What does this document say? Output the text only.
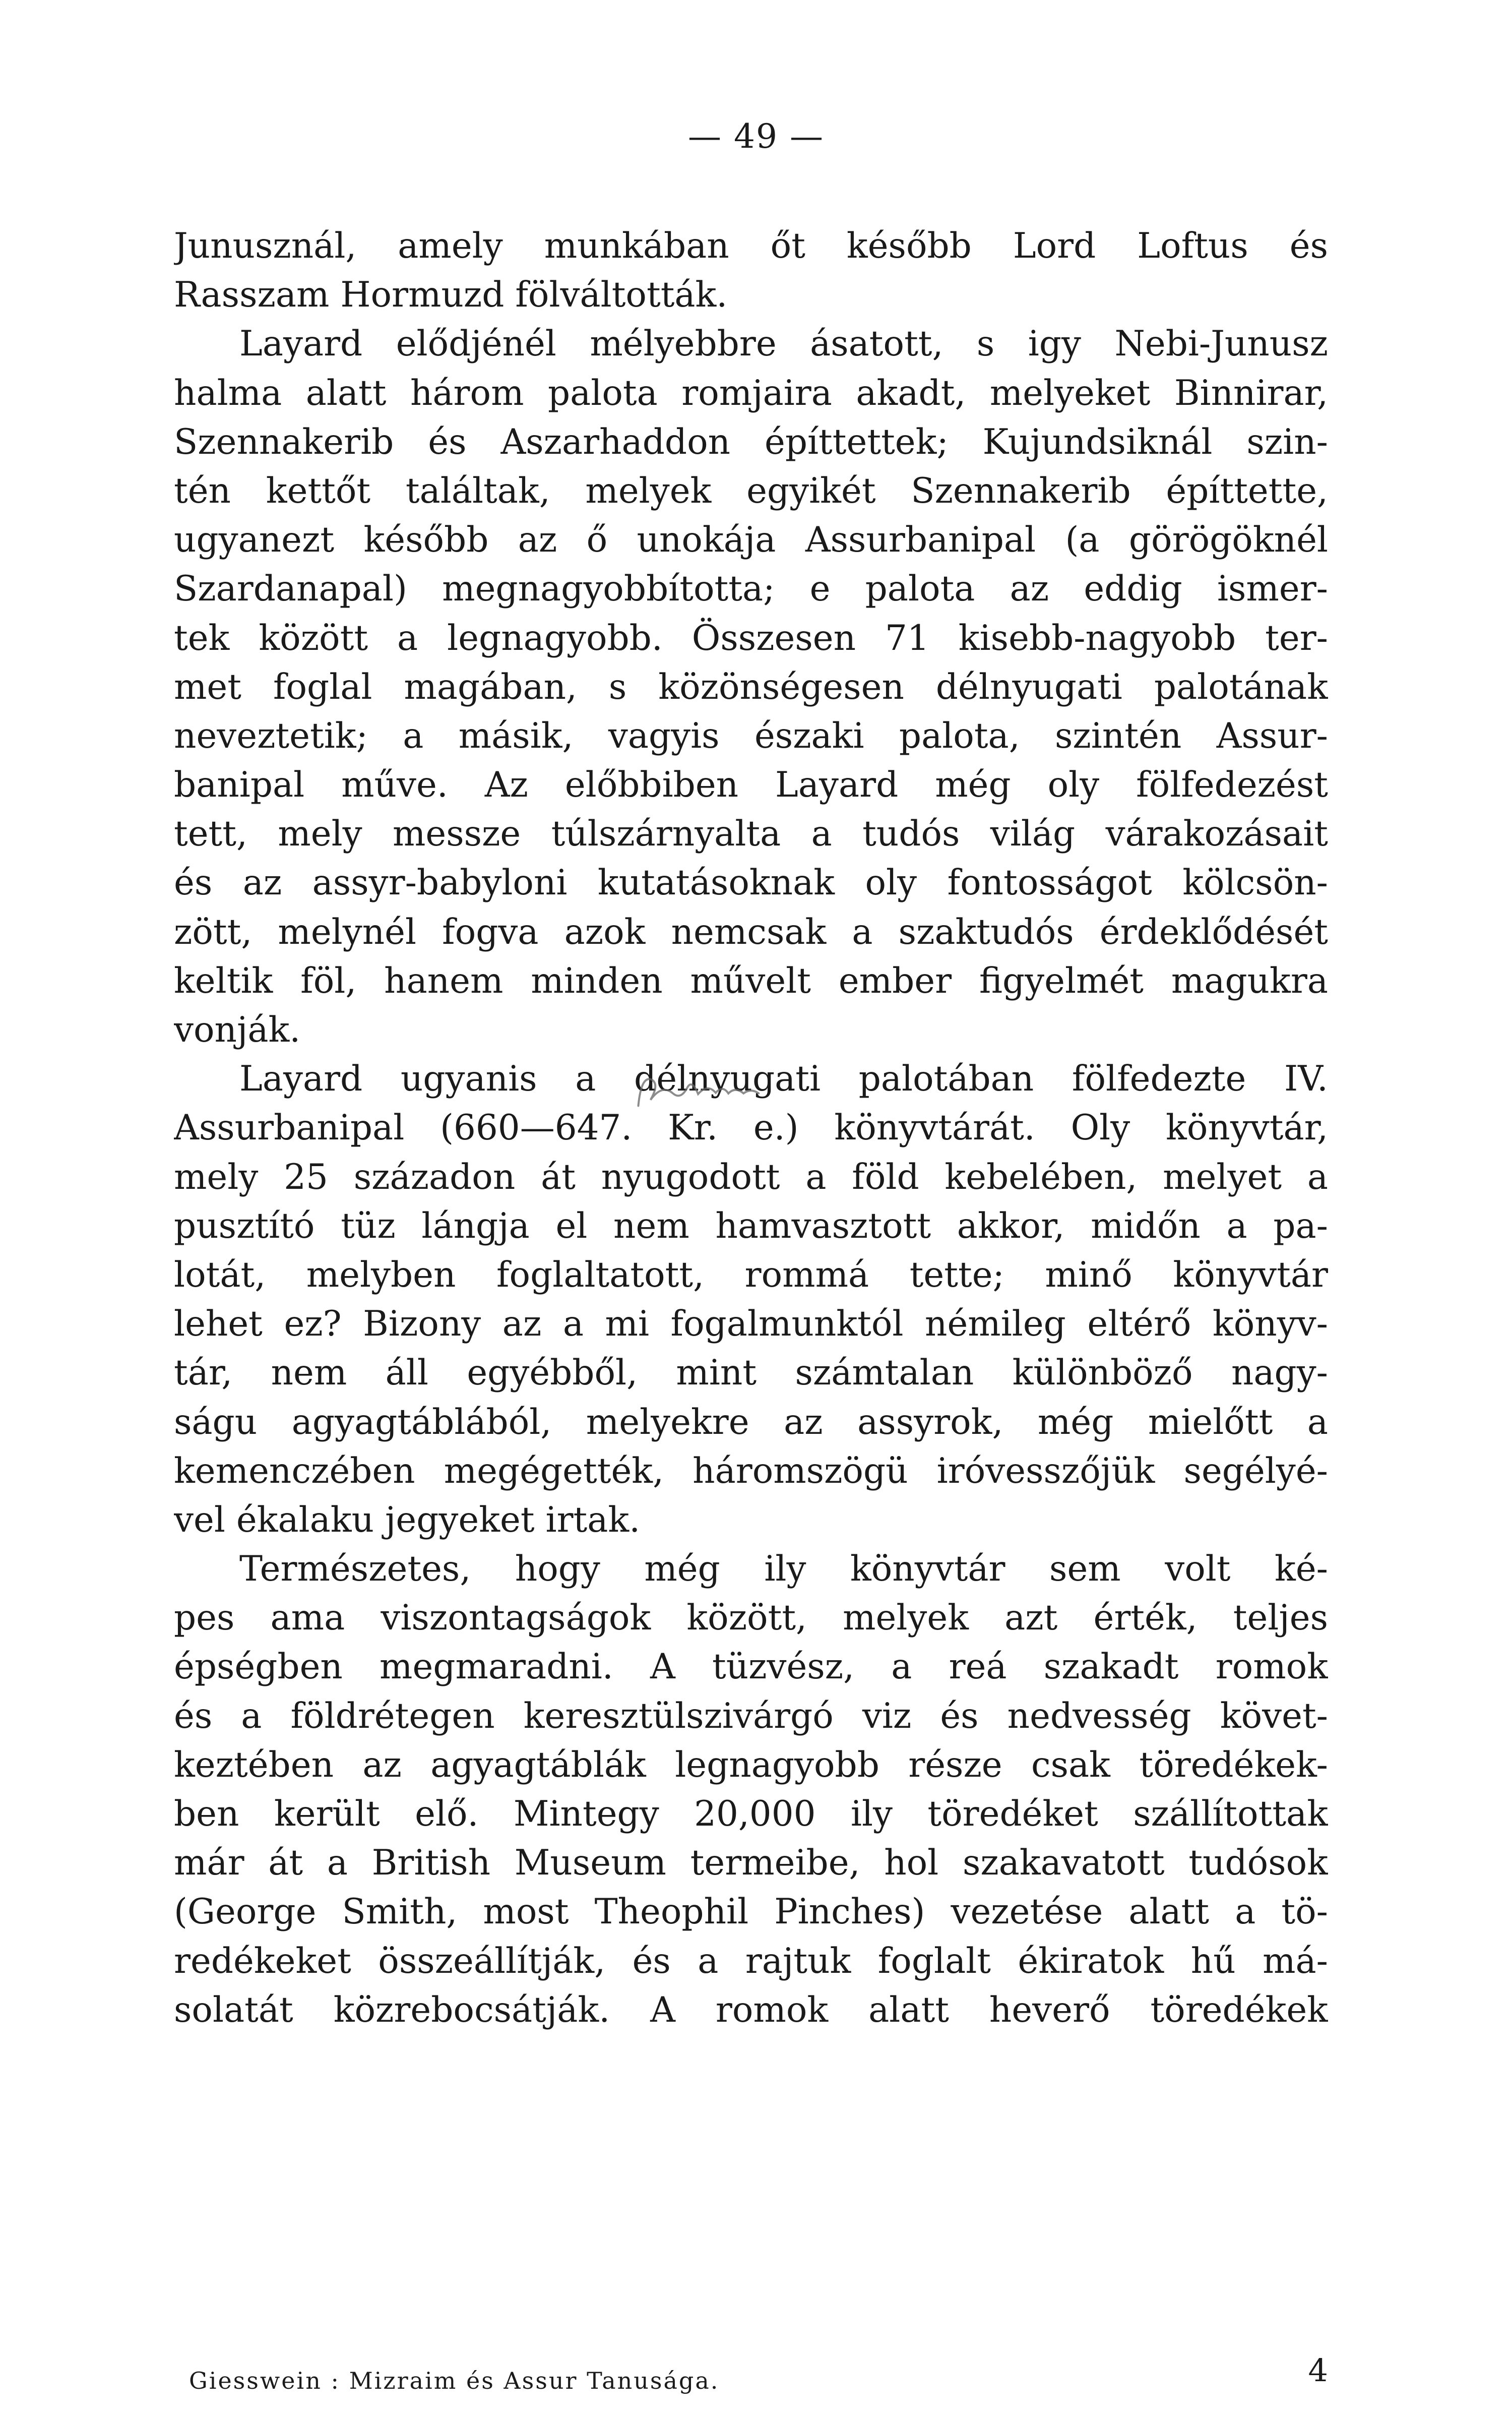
— 49 —
Junusznál, amely munkában őt később Lord Loftus és
Rasszam Hormuzd fölváltották.
Layard elődjénél mélyebbre ásatott, s igy Nebi-Junusz
halma alatt három palota romjaira akadt, melyeket Binnirar,
Szennakerib és Aszarhaddon építtettek; Kujundsiknál szin-
tén kettőt találtak, melyek egyikét Szennakerib építtette,
ugyanezt később az ő unokája Assurbanipal (a görögöknél
Szardanapal) megnagyobbította; e palota az eddig ismer-
tek között a legnagyobb. Összesen 71 kisebb-nagyobb ter-
met foglal magában, s közönségesen délnyugati palotának
neveztetik; a másik, vagyis északi palota, szintén Assur-
banipal műve. Az előbbiben Layard még oly fölfedezést
tett, mely messze túlszárnyalta a tudós világ várakozásait
és az assyr-babyloni kutatásoknak oly fontosságot kölcsön-
zött, melynél fogva azok nemcsak a szaktudós érdeklődését
keltik föl, hanem minden művelt ember figyelmét magukra
vonják.
Layard ugyanis a délnyugati palotában fölfedezte IV.
Assurbanipal (660—647. Kr. e.) könyvtárát. Oly könyvtár,
mely 25 századon át nyugodott a föld kebelében, melyet a
pusztító tüz lángja el nem hamvasztott akkor, midőn a pa-
lotát, melyben foglaltatott, rommá tette; minő könyvtár
lehet ez? Bizony az a mi fogalmunktól némileg eltérő könyv-
tár, nem áll egyébből, mint számtalan különböző nagy-
ságu agyagtáblából, melyekre az assyrok, még mielőtt a
kemenczében megégették, háromszögü iróvesszőjük segélyé-
vel ékalaku jegyeket irtak.
Természetes, hogy még ily könyvtár sem volt ké-
pes ama viszontagságok között, melyek azt érték, teljes
épségben megmaradni. A tüzvész, a reá szakadt romok
és a földrétegen keresztülszivárgó viz és nedvesség követ-
keztében az agyagtáblák legnagyobb része csak töredékek-
ben került elő. Mintegy 20,000 ily töredéket szállítottak
már át a British Museum termeibe, hol szakavatott tudósok
(George Smith, most Theophil Pinches) vezetése alatt a tö-
redékeket összeállítják, és a rajtuk foglalt ékiratok hű má-
solatát közrebocsátják. A romok alatt heverő töredékek
Giesswein : Mizraim és Assur Tanusága.	4
